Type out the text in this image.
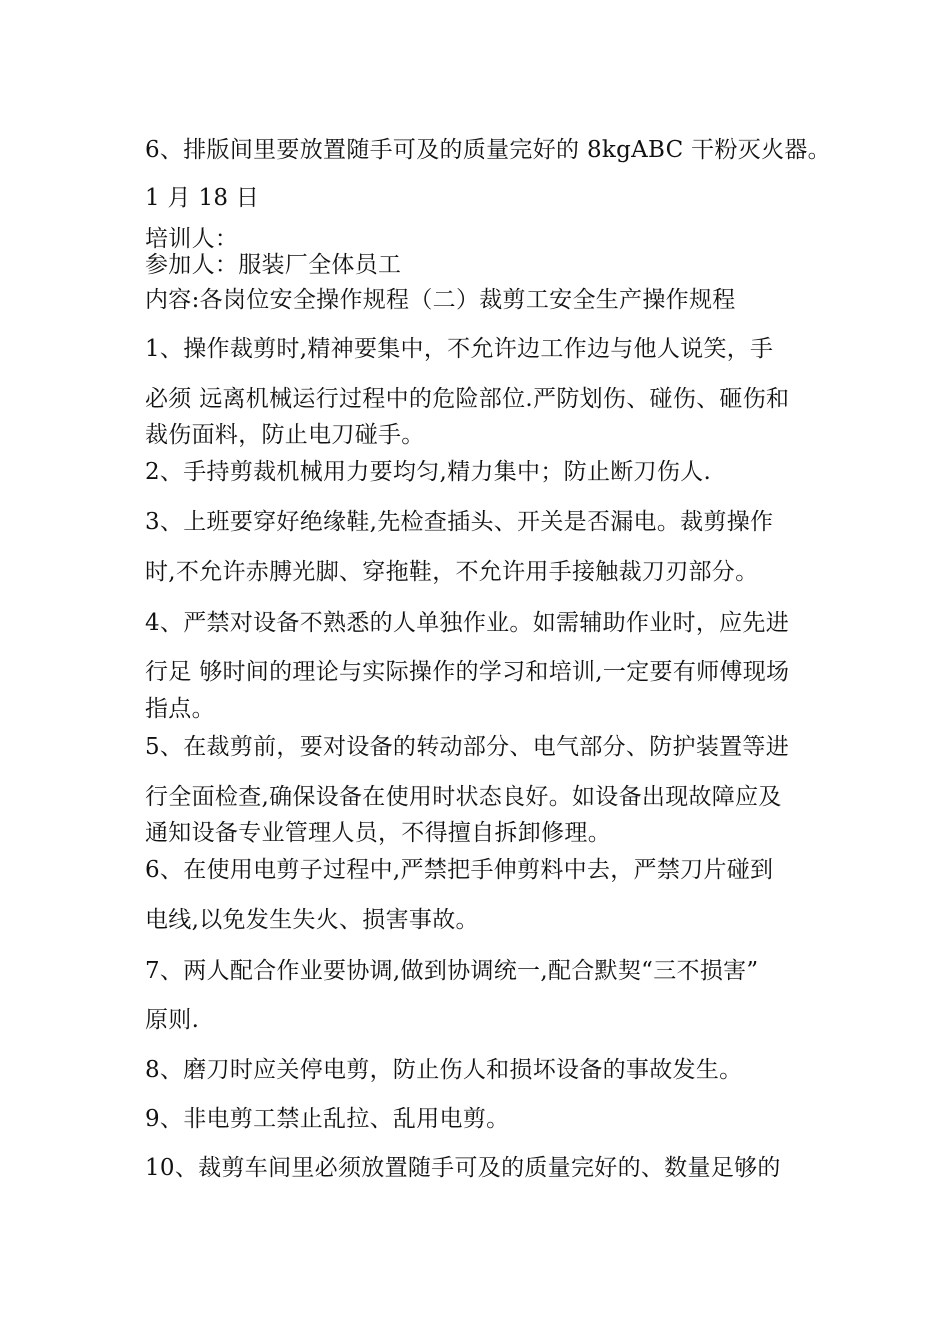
6、排版间里要放置随手可及的质量完好的 8kgABC 干粉灭火器。

1 月 18 日

培训人：

参加人：服装厂全体员工

内容:各岗位安全操作规程（二）裁剪工安全生产操作规程

1、操作裁剪时,精神要集中，不允许边工作边与他人说笑，手

必须 远离机械运行过程中的危险部位.严防划伤、碰伤、砸伤和

裁伤面料，防止电刀碰手。

2、手持剪裁机械用力要均匀,精力集中；防止断刀伤人.

3、上班要穿好绝缘鞋,先检查插头、开关是否漏电。裁剪操作

时,不允许赤膊光脚、穿拖鞋，不允许用手接触裁刀刃部分。

4、严禁对设备不熟悉的人单独作业。如需辅助作业时，应先进

行足 够时间的理论与实际操作的学习和培训,一定要有师傅现场

指点。

5、在裁剪前，要对设备的转动部分、电气部分、防护装置等进

行全面检查,确保设备在使用时状态良好。如设备出现故障应及

通知设备专业管理人员，不得擅自拆卸修理。

6、在使用电剪子过程中,严禁把手伸剪料中去，严禁刀片碰到

电线,以免发生失火、损害事故。

7、两人配合作业要协调,做到协调统一,配合默契“三不损害”

原则.

8、磨刀时应关停电剪，防止伤人和损坏设备的事故发生。

9、非电剪工禁止乱拉、乱用电剪。

10、裁剪车间里必须放置随手可及的质量完好的、数量足够的
